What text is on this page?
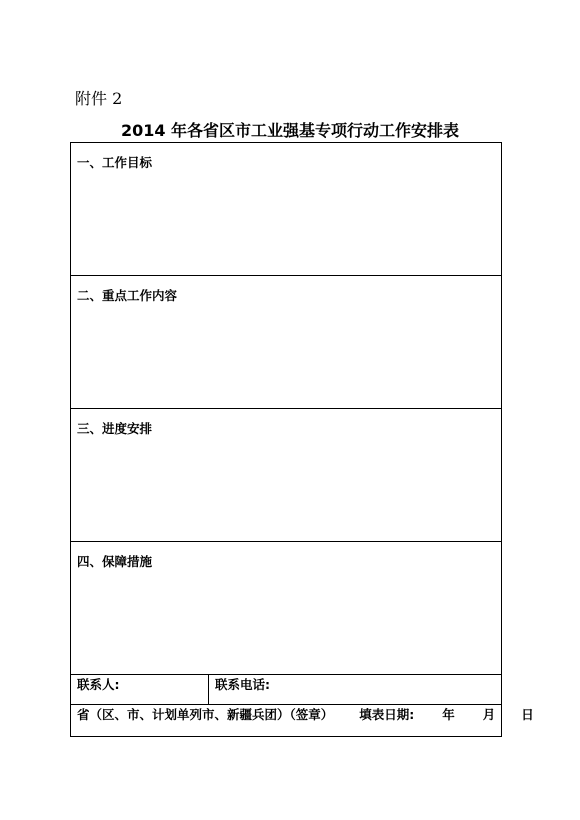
附件 2
2014 年各省区市工业强基专项行动工作安排表
一、工作目标

二、重点工作内容

三、进度安排

四、保障措施

联系人:	联系电话:

省（区、市、计划单列市、新疆兵团）（签章） 填表日期: 年 月 日
